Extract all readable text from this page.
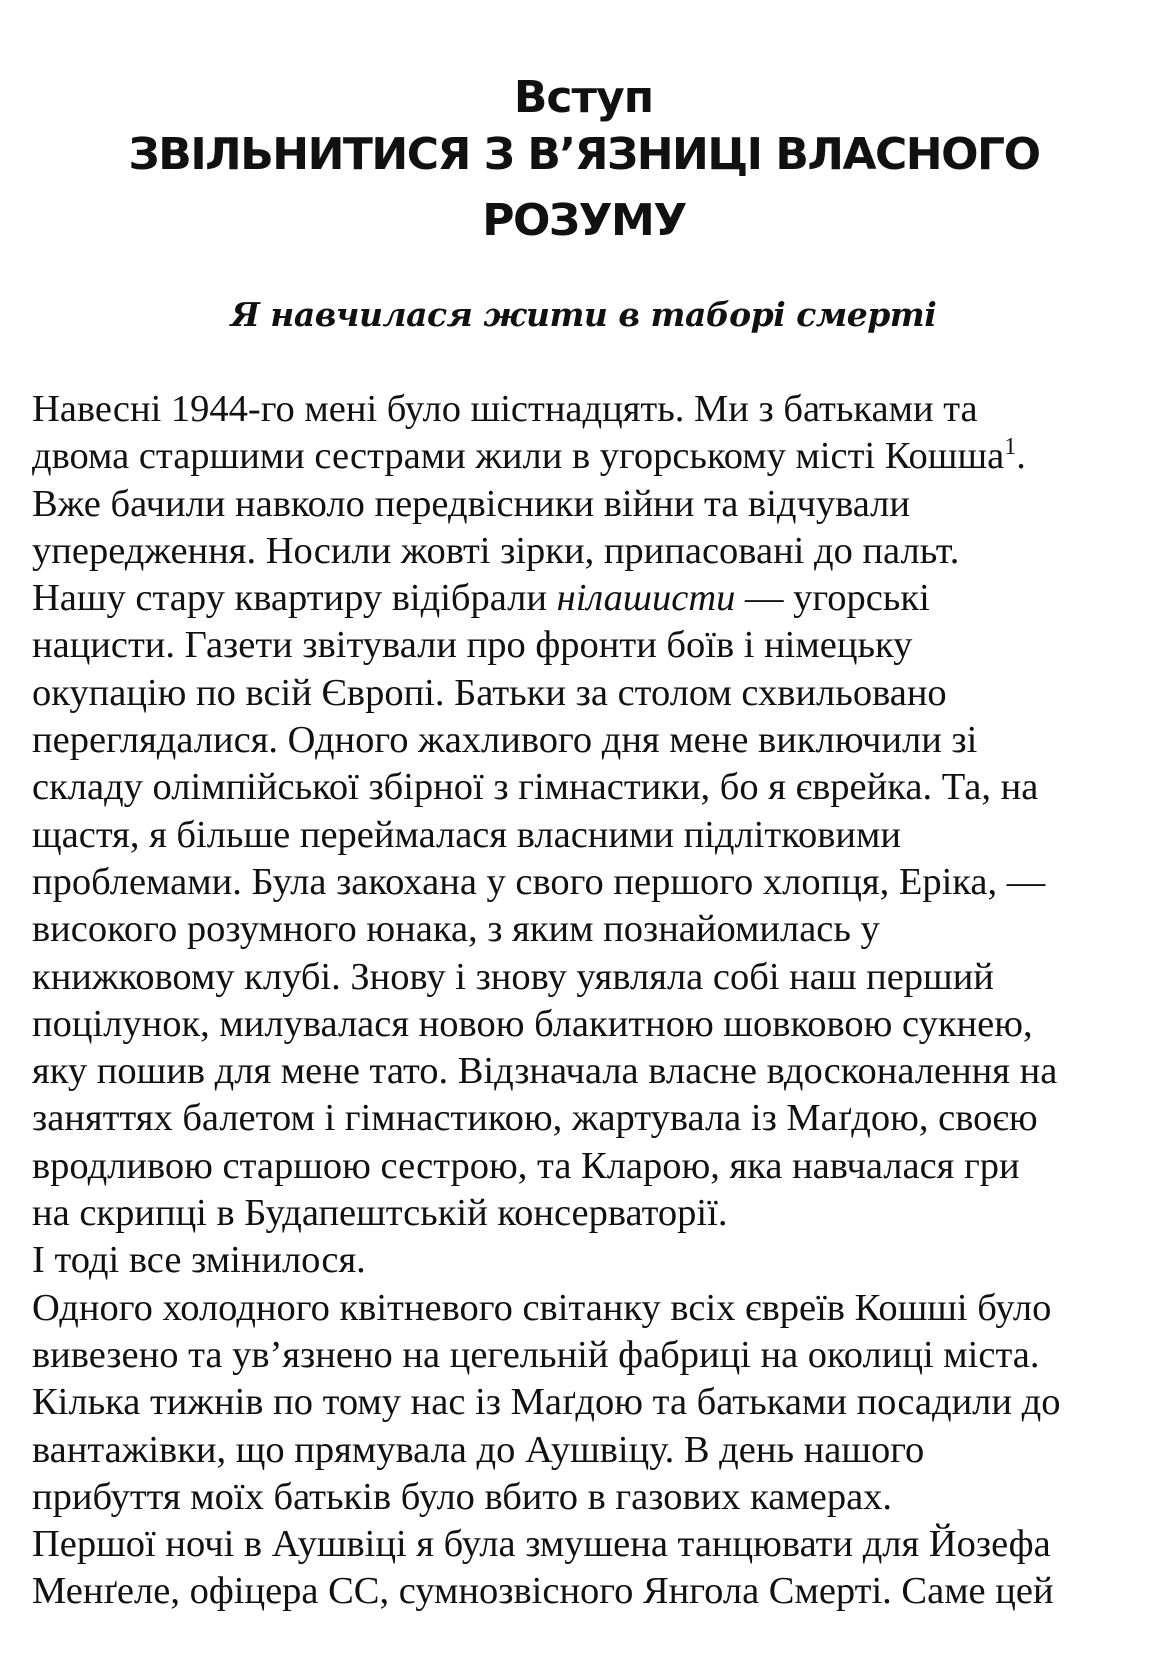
Вступ
ЗВІЛЬНИТИСЯ З В’ЯЗНИЦІ ВЛАСНОГО РОЗУМУ
Я навчилася жити в таборі смерті
Навесні 1944-го мені було шістнадцять. Ми з батьками та
двома старшими сестрами жили в угорському місті Кошша$^1$.
Вже бачили навколо передвісники війни та відчували
упередження. Носили жовті зірки, припасовані до пальт.
Нашу стару квартиру відібрали нілашисти — угорські
нацисти. Газети звітували про фронти боїв і німецьку
окупацію по всій Європі. Батьки за столом схвильовано
переглядалися. Одного жахливого дня мене виключили зі
складу олімпійської збірної з гімнастики, бо я єврейка. Та, на
щастя, я більше переймалася власними підлітковими
проблемами. Була закохана у свого першого хлопця, Еріка, —
високого розумного юнака, з яким познайомилась у
книжковому клубі. Знову і знову уявляла собі наш перший
поцілунок, милувалася новою блакитною шовковою сукнею,
яку пошив для мене тато. Відзначала власне вдосконалення на
заняттях балетом і гімнастикою, жартувала із Маґдою, своєю
вродливою старшою сестрою, та Кларою, яка навчалася гри
на скрипці в Будапештській консерваторії.
І тоді все змінилося.
Одного холодного квітневого світанку всіх євреїв Кошші було
вивезено та ув’язнено на цегельній фабриці на околиці міста.
Кілька тижнів по тому нас із Маґдою та батьками посадили до
вантажівки, що прямувала до Аушвіцу. В день нашого
прибуття моїх батьків було вбито в газових камерах.
Першої ночі в Аушвіці я була змушена танцювати для Йозефа
Менґеле, офіцера СС, сумнозвісного Янгола Смерті. Саме цей
